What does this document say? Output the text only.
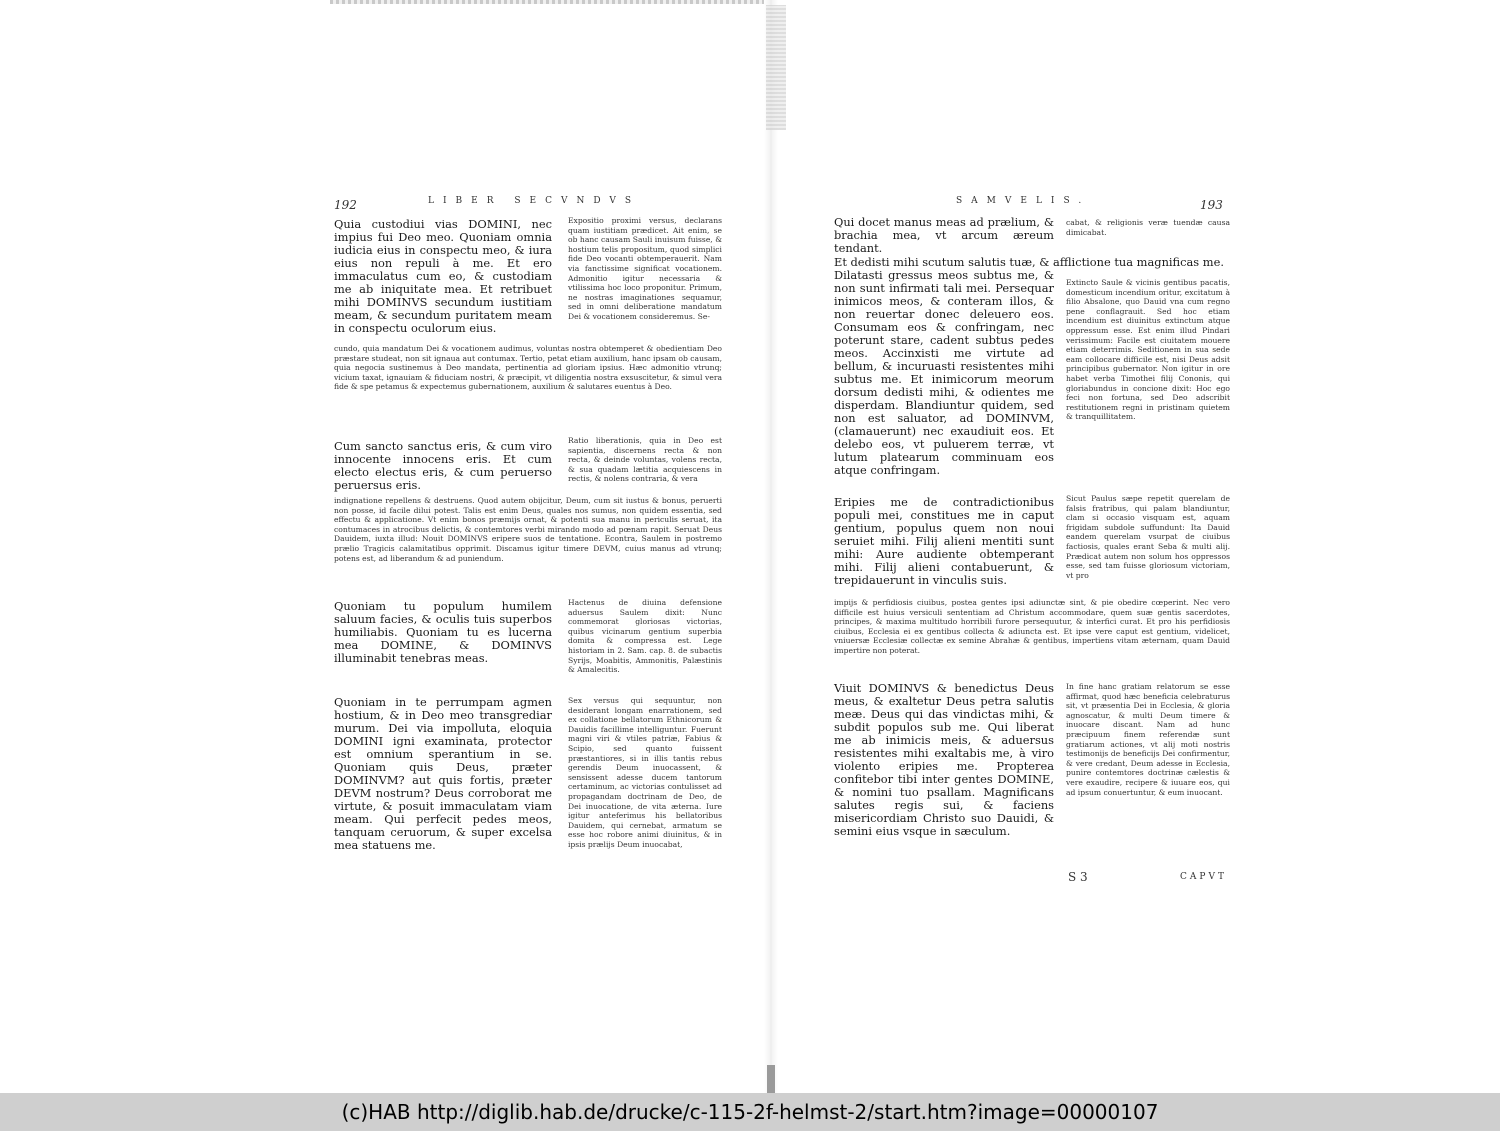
192	LIBER SECVNDVS

Quia custodiui vias DOMINI, nec impius fui Deo meo. Quoniam omnia iudicia eius in conspectu meo, & iura eius non repuli à me. Et ero immaculatus cum eo, & custodiam me ab iniquitate mea. Et retribuet mihi DOMINVS secundum iustitiam meam, & secundum puritatem meam in conspectu oculorum eius.

Expositio proximi versus, declarans quam iustitiam prædicet. Ait enim, se ob hanc causam Sauli inuisum fuisse, & hostium telis propositum, quod simplici fide Deo vocanti obtemperauerit. Nam via fanctissime significat vocationem. Admonitio igitur necessaria & vtilissima hoc loco proponitur. Primum, ne nostras imaginationes sequamur, sed in omni deliberatione mandatum Dei & vocationem consideremus. Se-

cundo, quia mandatum Dei & vocationem audimus, voluntas nostra obtemperet & obedientiam Deo præstare studeat, non sit ignaua aut contumax. Tertio, petat etiam auxilium, hanc ipsam ob causam, quia negocia sustinemus à Deo mandata, pertinentia ad gloriam ipsius. Hæc admonitio vtrunq; vicium taxat, ignauiam & fiduciam nostri, & præcipit, vt diligentia nostra exsuscitetur, & simul vera fide & spe petamus & expectemus gubernationem, auxilium & salutares euentus à Deo.

Cum sancto sanctus eris, & cum viro innocente innocens eris. Et cum electo electus eris, & cum peruerso peruersus eris.

Ratio liberationis, quia in Deo est sapientia, discernens recta & non recta, & deinde voluntas, volens recta, & sua quadam lætitia acquiescens in rectis, & nolens contraria, & vera

indignatione repellens & destruens. Quod autem obijcitur, Deum, cum sit iustus & bonus, peruerti non posse, id facile dilui potest. Talis est enim Deus, quales nos sumus, non quidem essentia, sed effectu & applicatione. Vt enim bonos præmijs ornat, & potenti sua manu in periculis seruat, ita contumaces in atrocibus delictis, & contemtores verbi mirando modo ad pœnam rapit. Seruat Deus Dauidem, iuxta illud: Nouit DOMINVS eripere suos de tentatione. Econtra, Saulem in postremo prælio Tragicis calamitatibus opprimit. Discamus igitur timere DEVM, cuius manus ad vtrunq; potens est, ad liberandum & ad puniendum.

Quoniam tu populum humilem saluum facies, & oculis tuis superbos humiliabis. Quoniam tu es lucerna mea DOMINE, & DOMINVS illuminabit tenebras meas.

Hactenus de diuina defensione aduersus Saulem dixit: Nunc commemorat gloriosas victorias, quibus vicinarum gentium superbia domita & compressa est. Lege historiam in 2. Sam. cap. 8. de subactis Syrijs, Moabitis, Ammonitis, Palæstinis & Amalecitis.

Quoniam in te perrumpam agmen hostium, & in Deo meo transgrediar murum. Dei via impolluta, eloquia DOMINI igni examinata, protector est omnium sperantium in se. Quoniam quis Deus, præter DOMINVM? aut quis fortis, præter DEVM nostrum? Deus corroborat me virtute, & posuit immaculatam viam meam. Qui perfecit pedes meos, tanquam ceruorum, & super excelsa mea statuens me.

Sex versus qui sequuntur, non desiderant longam enarrationem, sed ex collatione bellatorum Ethnicorum & Dauidis facillime intelliguntur. Fuerunt magni viri & vtiles patriæ, Fabius & Scipio, sed quanto fuissent præstantiores, si in illis tantis rebus gerendis Deum inuocassent, & sensissent adesse ducem tantorum certaminum, ac victorias contulisset ad propagandam doctrinam de Deo, de Dei inuocatione, de vita æterna. Iure igitur anteferimus his bellatoribus Dauidem, qui cernebat, armatum se esse hoc robore animi diuinitus, & in ipsis prælijs Deum inuocabat,

SAMVELIS.	193

Qui docet manus meas ad prælium, & brachia mea, vt arcum æreum tendant.

cabat, & religionis veræ tuendæ causa dimicabat.

Et dedisti mihi scutum salutis tuæ, & afflictione tua magnificas me.

Dilatasti gressus meos subtus me, & non sunt infirmati tali mei. Persequar inimicos meos, & conteram illos, & non reuertar donec deleuero eos. Consumam eos & confringam, nec poterunt stare, cadent subtus pedes meos. Accinxisti me virtute ad bellum, & incuruasti resistentes mihi subtus me. Et inimicorum meorum dorsum dedisti mihi, & odientes me disperdam. Blandiuntur quidem, sed non est saluator, ad DOMINVM, (clamauerunt) nec exaudiuit eos. Et delebo eos, vt puluerem terræ, vt lutum platearum comminuam eos atque confringam.

Extincto Saule & vicinis gentibus pacatis, domesticum incendium oritur, excitatum à filio Absalone, quo Dauid vna cum regno pene conflagrauit. Sed hoc etiam incendium est diuinitus extinctum atque oppressum esse. Est enim illud Pindari verissimum: Facile est ciuitatem mouere etiam deterrimis. Seditionem in sua sede eam collocare difficile est, nisi Deus adsit principibus gubernator. Non igitur in ore habet verba Timothei filij Cononis, qui gloriabundus in concione dixit: Hoc ego feci non fortuna, sed Deo adscribit restitutionem regni in pristinam quietem & tranquillitatem.

Eripies me de contradictionibus populi mei, constitues me in caput gentium, populus quem non noui seruiet mihi. Filij alieni mentiti sunt mihi: Aure audiente obtemperant mihi. Filij alieni contabuerunt, & trepidauerunt in vinculis suis.

Sicut Paulus sæpe repetit querelam de falsis fratribus, qui palam blandiuntur, clam si occasio visquam est, aquam frigidam subdole suffundunt: Ita Dauid eandem querelam vsurpat de ciuibus factiosis, quales erant Seba & multi alij. Prædicat autem non solum hos oppressos esse, sed tam fuisse gloriosum victoriam, vt pro

impijs & perfidiosis ciuibus, postea gentes ipsi adiunctæ sint, & pie obedire cœperint. Nec vero difficile est huius versiculi sententiam ad Christum accommodare, quem suæ gentis sacerdotes, principes, & maxima multitudo horribili furore persequutur, & interfici curat. Et pro his perfidiosis ciuibus, Ecclesia ei ex gentibus collecta & adiuncta est. Et ipse vere caput est gentium, videlicet, vniuersæ Ecclesiæ collectæ ex semine Abrahæ & gentibus, impertiens vitam æternam, quam Dauid impertire non poterat.

Viuit DOMINVS & benedictus Deus meus, & exaltetur Deus petra salutis meæ. Deus qui das vindictas mihi, & subdit populos sub me. Qui liberat me ab inimicis meis, & aduersus resistentes mihi exaltabis me, à viro violento eripies me. Propterea confitebor tibi inter gentes DOMINE, & nomini tuo psallam. Magnificans salutes regis sui, & faciens misericordiam Christo suo Dauidi, & semini eius vsque in sæculum.

In fine hanc gratiam relatorum se esse affirmat, quod hæc beneficia celebraturus sit, vt præsentia Dei in Ecclesia, & gloria agnoscatur, & multi Deum timere & inuocare discant. Nam ad hunc præcipuum finem referendæ sunt gratiarum actiones, vt alij moti nostris testimonijs de beneficijs Dei confirmentur, & vere credant, Deum adesse in Ecclesia, punire contemtores doctrinæ cælestis & vere exaudire, recipere & iuuare eos, qui ad ipsum conuertuntur, & eum inuocant.

S 3	CAPVT
(c)HAB http://diglib.hab.de/drucke/c-115-2f-helmst-2/start.htm?image=00000107
